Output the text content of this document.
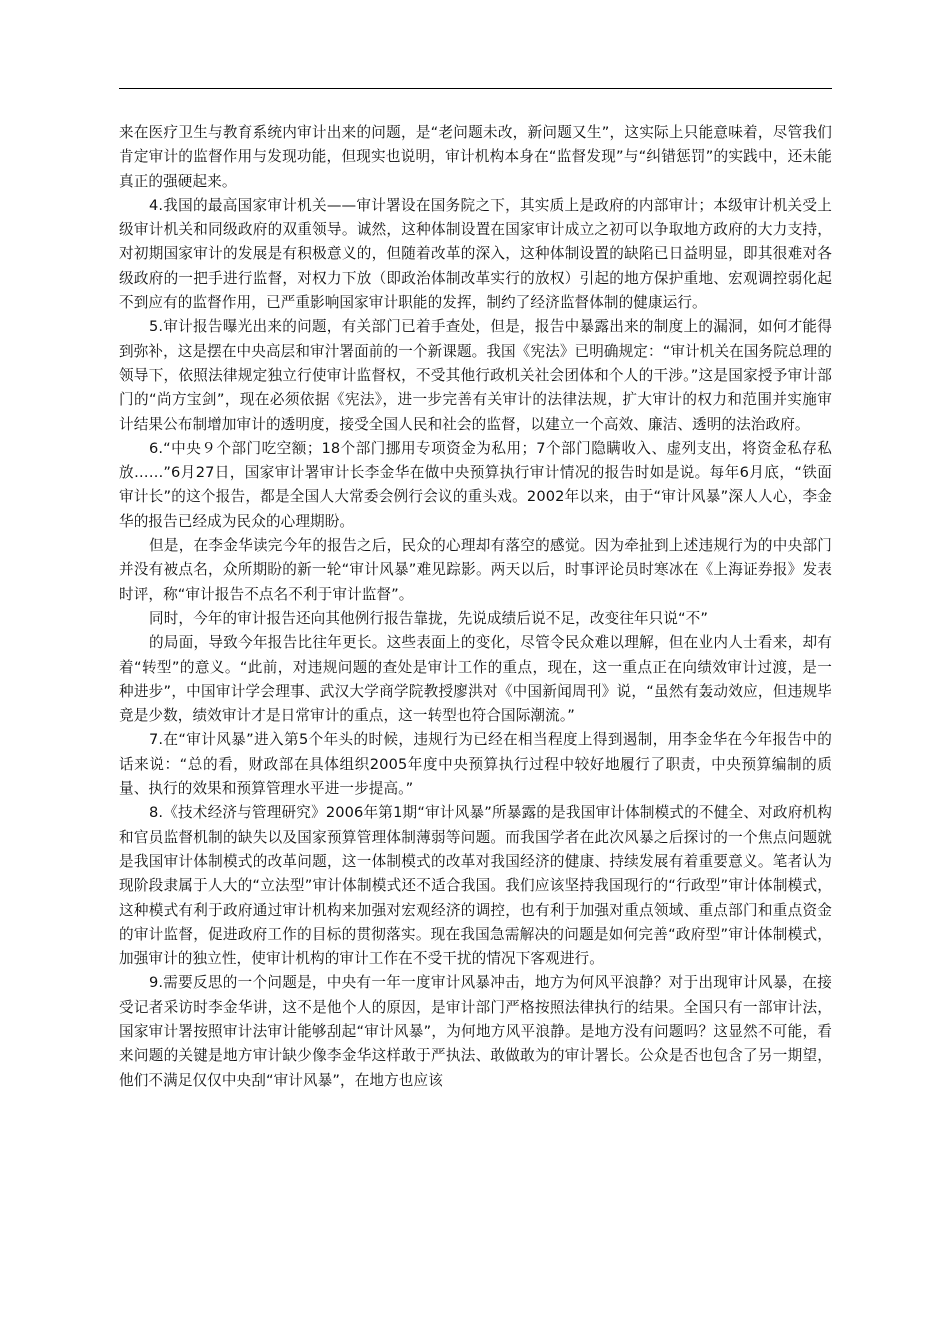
来在医疗卫生与教育系统内审计出来的问题，是“老问题未改，新问题又生”，这实际上只能意味着，尽管我们肯定审计的监督作用与发现功能，但现实也说明，审计机构本身在“监督发现”与“纠错惩罚”的实践中，还未能真正的强硬起来。

4.我国的最高国家审计机关——审计署设在国务院之下，其实质上是政府的内部审计；本级审计机关受上级审计机关和同级政府的双重领导。诚然，这种体制设置在国家审计成立之初可以争取地方政府的大力支持，对初期国家审计的发展是有积极意义的，但随着改革的深入，这种体制设置的缺陷已日益明显，即其很难对各级政府的一把手进行监督，对权力下放（即政治体制改革实行的放权）引起的地方保护重地、宏观调控弱化起不到应有的监督作用，已严重影响国家审计职能的发挥，制约了经济监督体制的健康运行。

5.审计报告曝光出来的问题，有关部门已着手查处，但是，报告中暴露出来的制度上的漏洞，如何才能得到弥补，这是摆在中央高层和审汁署面前的一个新课题。我国《宪法》已明确规定：“审计机关在国务院总理的领导下，依照法律规定独立行使审计监督权，不受其他行政机关社会团体和个人的干涉。”这是国家授予审计部门的“尚方宝剑”，现在必须依据《宪法》，进一步完善有关审计的法律法规，扩大审计的权力和范围并实施审计结果公布制增加审计的透明度，接受全国人民和社会的监督，以建立一个高效、廉洁、透明的法治政府。

6.“中央９个部门吃空额；18个部门挪用专项资金为私用；7个部门隐瞒收入、虚列支出，将资金私存私放……”6月27日，国家审计署审计长李金华在做中央预算执行审计情况的报告时如是说。每年6月底，“铁面审计长”的这个报告，都是全国人大常委会例行会议的重头戏。2002年以来，由于“审计风暴”深人人心，李金华的报告已经成为民众的心理期盼。

但是，在李金华读完今年的报告之后，民众的心理却有落空的感觉。因为牵扯到上述违规行为的中央部门并没有被点名，众所期盼的新一轮“审计风暴”难见踪影。两天以后，时事评论员时寒冰在《上海证券报》发表时评，称“审计报告不点名不利于审计监督”。

同时，今年的审计报告还向其他例行报告靠拢，先说成绩后说不足，改变往年只说“不”

的局面，导致今年报告比往年更长。这些表面上的变化，尽管令民众难以理解，但在业内人士看来，却有着“转型”的意义。“此前，对违规问题的查处是审计工作的重点，现在，这一重点正在向绩效审计过渡，是一种进步”，中国审计学会理事、武汉大学商学院教授廖洪对《中国新闻周刊》说，“虽然有轰动效应，但违规毕竟是少数，绩效审计才是日常审计的重点，这一转型也符合国际潮流。”

7.在“审计风暴”进入第5个年头的时候，违规行为已经在相当程度上得到遏制，用李金华在今年报告中的话来说：“总的看，财政部在具体组织2005年度中央预算执行过程中较好地履行了职责，中央预算编制的质量、执行的效果和预算管理水平进一步提高。”

8.《技术经济与管理研究》2006年第1期“审计风暴”所暴露的是我国审计体制模式的不健全、对政府机构和官员监督机制的缺失以及国家预算管理体制薄弱等问题。而我国学者在此次风暴之后探讨的一个焦点问题就是我国审计体制模式的改革问题，这一体制模式的改革对我国经济的健康、持续发展有着重要意义。笔者认为现阶段隶属于人大的“立法型”审计体制模式还不适合我国。我们应该坚持我国现行的“行政型”审计体制模式，这种模式有利于政府通过审计机构来加强对宏观经济的调控，也有利于加强对重点领域、重点部门和重点资金的审计监督，促进政府工作的目标的贯彻落实。现在我国急需解决的问题是如何完善“政府型”审计体制模式，加强审计的独立性，使审计机构的审计工作在不受干扰的情况下客观进行。

9.需要反思的一个问题是，中央有一年一度审计风暴冲击，地方为何风平浪静？对于出现审计风暴，在接受记者采访时李金华讲，这不是他个人的原因，是审计部门严格按照法律执行的结果。全国只有一部审计法，国家审计署按照审计法审计能够刮起“审计风暴”，为何地方风平浪静。是地方没有问题吗？这显然不可能，看来问题的关键是地方审计缺少像李金华这样敢于严执法、敢做敢为的审计署长。公众是否也包含了另一期望，他们不满足仅仅中央刮“审计风暴”，在地方也应该
